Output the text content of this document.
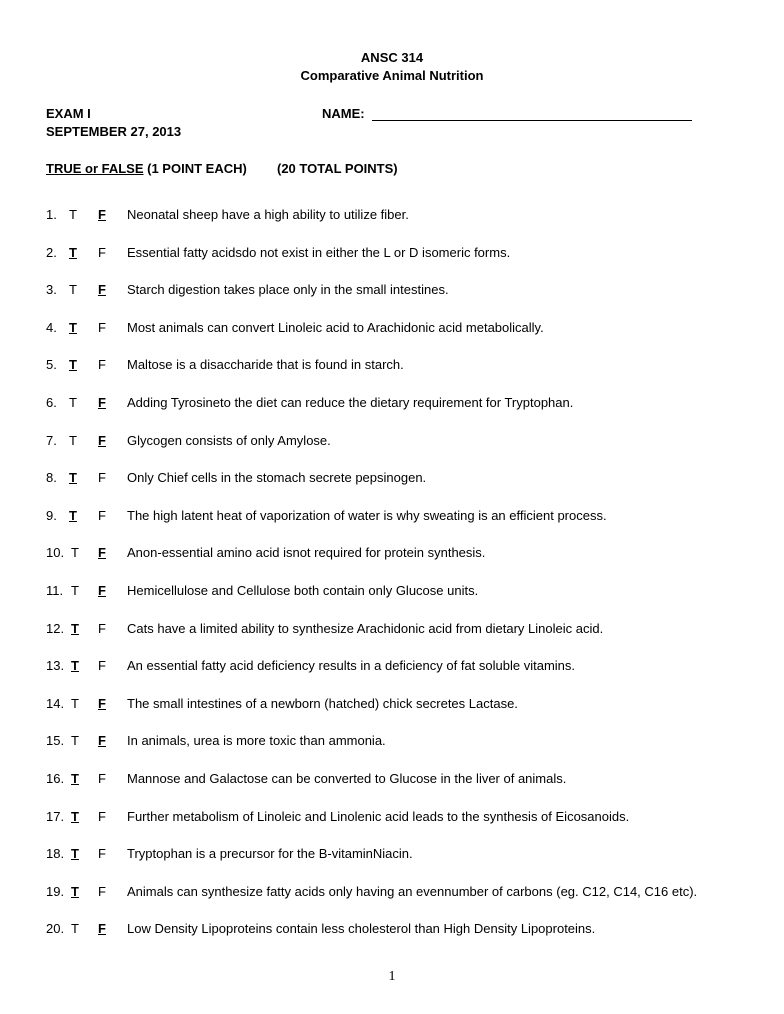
ANSC 314
Comparative Animal Nutrition
EXAM I
SEPTEMBER 27, 2013
NAME:
TRUE or FALSE (1 POINT EACH) (20 TOTAL POINTS)
1. T F Neonatal sheep have a high ability to utilize fiber.
2. T F Essential fatty acidsdo not exist in either the L or D isomeric forms.
3. T F Starch digestion takes place only in the small intestines.
4. T F Most animals can convert Linoleic acid to Arachidonic acid metabolically.
5. T F Maltose is a disaccharide that is found in starch.
6. T F Adding Tyrosineto the diet can reduce the dietary requirement for Tryptophan.
7. T F Glycogen consists of only Amylose.
8. T F Only Chief cells in the stomach secrete pepsinogen.
9. T F The high latent heat of vaporization of water is why sweating is an efficient process.
10. T F Anon-essential amino acid isnot required for protein synthesis.
11. T F Hemicellulose and Cellulose both contain only Glucose units.
12. T F Cats have a limited ability to synthesize Arachidonic acid from dietary Linoleic acid.
13. T F An essential fatty acid deficiency results in a deficiency of fat soluble vitamins.
14. T F The small intestines of a newborn (hatched) chick secretes Lactase.
15. T F In animals, urea is more toxic than ammonia.
16. T F Mannose and Galactose can be converted to Glucose in the liver of animals.
17. T F Further metabolism of Linoleic and Linolenic acid leads to the synthesis of Eicosanoids.
18. T F Tryptophan is a precursor for the B-vitaminNiacin.
19. T F Animals can synthesize fatty acids only having an evennumber of carbons (eg. C12, C14, C16 etc).
20. T F Low Density Lipoproteins contain less cholesterol than High Density Lipoproteins.
1
